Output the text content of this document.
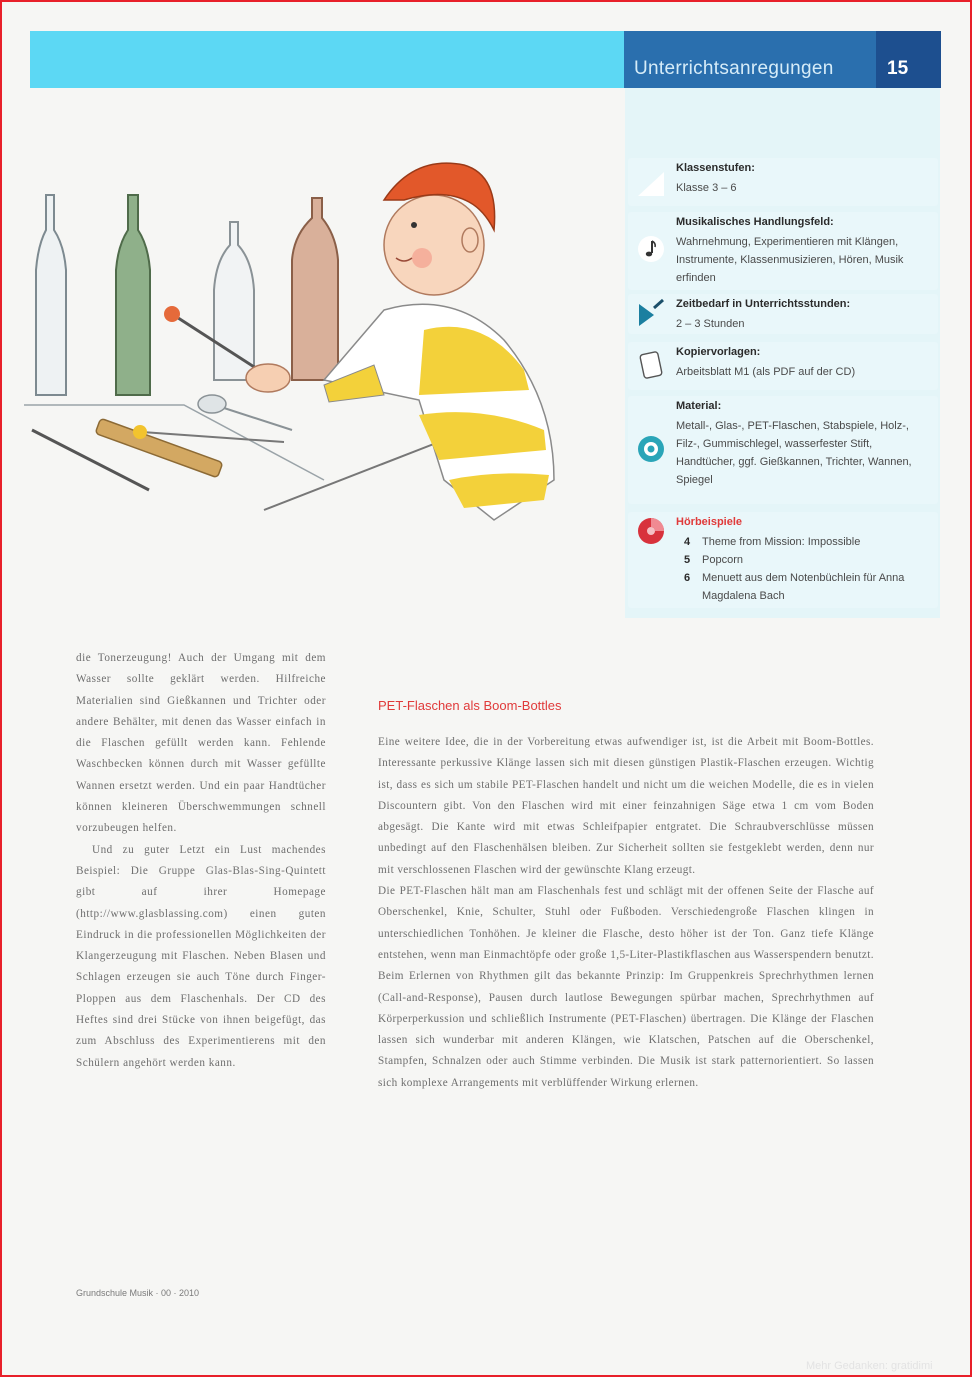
Unterrichtsanregungen	15
Klassenstufen:
Klasse 3 – 6
Musikalisches Handlungsfeld:
Wahrnehmung, Experimentieren mit Klängen, Instrumente, Klassenmusizieren, Hören, Musik erfinden
Zeitbedarf in Unterrichtsstunden:
2 – 3 Stunden
Kopiervorlagen:
Arbeitsblatt M1 (als PDF auf der CD)
Material:
Metall-, Glas-, PET-Flaschen, Stabspiele, Holz-, Filz-, Gummischlegel, wasserfester Stift, Handtücher, ggf. Gießkannen, Trichter, Wannen, Spiegel
Hörbeispiele
4 Theme from Mission: Impossible
5 Popcorn
6 Menuett aus dem Notenbüchlein für Anna Magdalena Bach

die Tonerzeugung! Auch der Umgang mit dem Wasser sollte geklärt werden. Hilfreiche Materialien sind Gießkannen und Trichter oder andere Behälter, mit denen das Wasser einfach in die Flaschen gefüllt werden kann. Fehlende Waschbecken können durch mit Wasser gefüllte Wannen ersetzt werden. Und ein paar Handtücher können kleineren Überschwemmungen schnell vorzubeugen helfen.

Und zu guter Letzt ein Lust machendes Beispiel: Die Gruppe Glas-Blas-Sing-Quintett gibt auf ihrer Homepage (http://www.glasblassing.com) einen guten Eindruck in die professionellen Möglichkeiten der Klangerzeugung mit Flaschen. Neben Blasen und Schlagen erzeugen sie auch Töne durch Finger-Ploppen aus dem Flaschenhals. Der CD des Heftes sind drei Stücke von ihnen beigefügt, das zum Abschluss des Experimentierens mit den Schülern angehört werden kann.

PET-Flaschen als Boom-Bottles

Eine weitere Idee, die in der Vorbereitung etwas aufwendiger ist, ist die Arbeit mit Boom-Bottles. Interessante perkussive Klänge lassen sich mit diesen günstigen Plastik-Flaschen erzeugen. Wichtig ist, dass es sich um stabile PET-Flaschen handelt und nicht um die weichen Modelle, die es in vielen Discountern gibt. Von den Flaschen wird mit einer feinzahnigen Säge etwa 1 cm vom Boden abgesägt. Die Kante wird mit etwas Schleifpapier entgratet. Die Schraubverschlüsse müssen unbedingt auf den Flaschenhälsen bleiben. Zur Sicherheit sollten sie festgeklebt werden, denn nur mit verschlossenen Flaschen wird der gewünschte Klang erzeugt.

Die PET-Flaschen hält man am Flaschenhals fest und schlägt mit der offenen Seite der Flasche auf Oberschenkel, Knie, Schulter, Stuhl oder Fußboden. Verschiedengroße Flaschen klingen in unterschiedlichen Tonhöhen. Je kleiner die Flasche, desto höher ist der Ton. Ganz tiefe Klänge entstehen, wenn man Einmachtöpfe oder große 1,5-Liter-Plastikflaschen aus Wasserspendern benutzt. Beim Erlernen von Rhythmen gilt das bekannte Prinzip: Im Gruppenkreis Sprechrhythmen lernen (Call-and-Response), Pausen durch lautlose Bewegungen spürbar machen, Sprechrhythmen auf Körperperkussion und schließlich Instrumente (PET-Flaschen) übertragen. Die Klänge der Flaschen lassen sich wunderbar mit anderen Klängen, wie Klatschen, Patschen auf die Oberschenkel, Stampfen, Schnalzen oder auch Stimme verbinden. Die Musik ist stark patternorientiert. So lassen sich komplexe Arrangements mit verblüffender Wirkung erlernen.

Grundschule Musik · 00 · 2010
Mehr Gedanken: gratidimi
